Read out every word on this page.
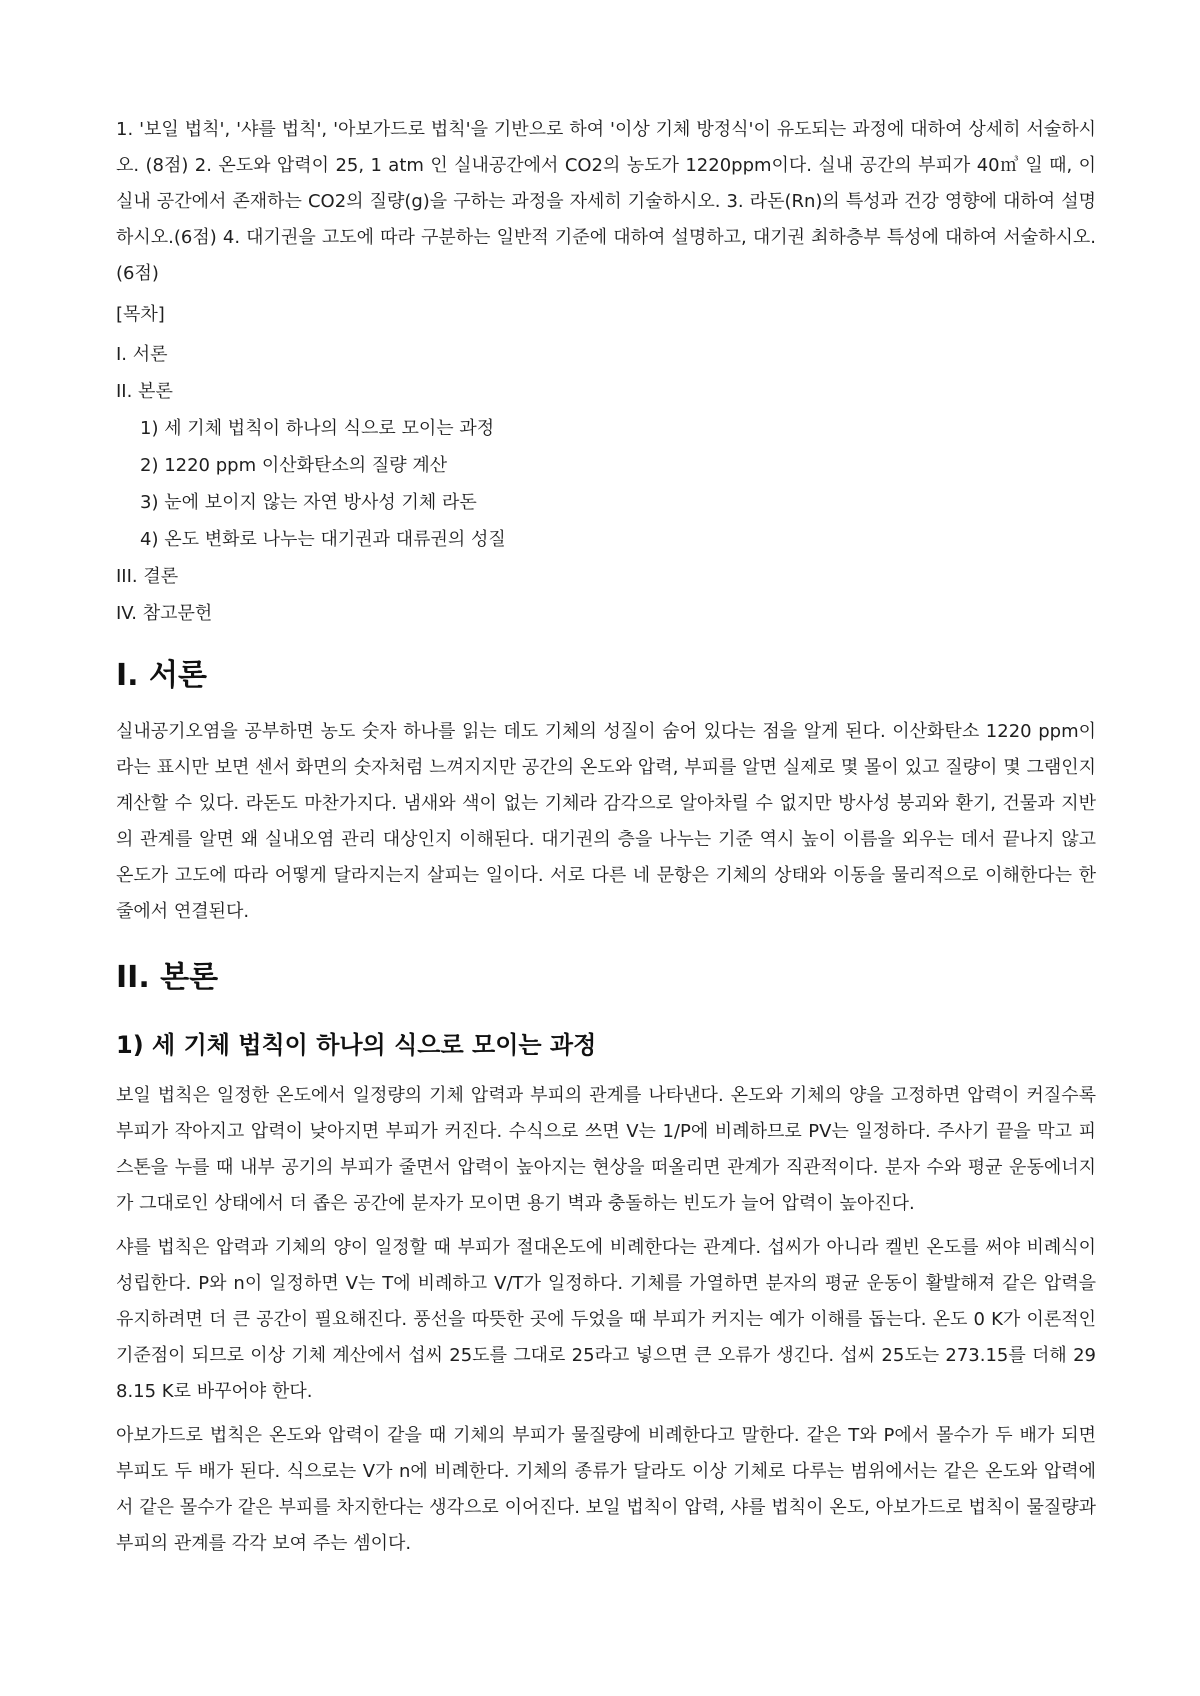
1. '보일 법칙', '샤를 법칙', '아보가드로 법칙'을 기반으로 하여 '이상 기체 방정식'이 유도되는 과정에 대하여 상세히 서술하시오. (8점) 2. 온도와 압력이 25, 1 atm 인 실내공간에서 CO2의 농도가 1220ppm이다. 실내 공간의 부피가 40㎥ 일 때, 이 실내 공간에서 존재하는 CO2의 질량(g)을 구하는 과정을 자세히 기술하시오. 3. 라돈(Rn)의 특성과 건강 영향에 대하여 설명하시오.(6점) 4. 대기권을 고도에 따라 구분하는 일반적 기준에 대하여 설명하고, 대기권 최하층부 특성에 대하여 서술하시오.(6점)

[목차]
I. 서론
II. 본론
1) 세 기체 법칙이 하나의 식으로 모이는 과정
2) 1220 ppm 이산화탄소의 질량 계산
3) 눈에 보이지 않는 자연 방사성 기체 라돈
4) 온도 변화로 나누는 대기권과 대류권의 성질
III. 결론
IV. 참고문헌
I. 서론

실내공기오염을 공부하면 농도 숫자 하나를 읽는 데도 기체의 성질이 숨어 있다는 점을 알게 된다. 이산화탄소 1220 ppm이라는 표시만 보면 센서 화면의 숫자처럼 느껴지지만 공간의 온도와 압력, 부피를 알면 실제로 몇 몰이 있고 질량이 몇 그램인지 계산할 수 있다. 라돈도 마찬가지다. 냄새와 색이 없는 기체라 감각으로 알아차릴 수 없지만 방사성 붕괴와 환기, 건물과 지반의 관계를 알면 왜 실내오염 관리 대상인지 이해된다. 대기권의 층을 나누는 기준 역시 높이 이름을 외우는 데서 끝나지 않고 온도가 고도에 따라 어떻게 달라지는지 살피는 일이다. 서로 다른 네 문항은 기체의 상태와 이동을 물리적으로 이해한다는 한 줄에서 연결된다.

II. 본론
1) 세 기체 법칙이 하나의 식으로 모이는 과정

보일 법칙은 일정한 온도에서 일정량의 기체 압력과 부피의 관계를 나타낸다. 온도와 기체의 양을 고정하면 압력이 커질수록 부피가 작아지고 압력이 낮아지면 부피가 커진다. 수식으로 쓰면 V는 1/P에 비례하므로 PV는 일정하다. 주사기 끝을 막고 피스톤을 누를 때 내부 공기의 부피가 줄면서 압력이 높아지는 현상을 떠올리면 관계가 직관적이다. 분자 수와 평균 운동에너지가 그대로인 상태에서 더 좁은 공간에 분자가 모이면 용기 벽과 충돌하는 빈도가 늘어 압력이 높아진다.

샤를 법칙은 압력과 기체의 양이 일정할 때 부피가 절대온도에 비례한다는 관계다. 섭씨가 아니라 켈빈 온도를 써야 비례식이 성립한다. P와 n이 일정하면 V는 T에 비례하고 V/T가 일정하다. 기체를 가열하면 분자의 평균 운동이 활발해져 같은 압력을 유지하려면 더 큰 공간이 필요해진다. 풍선을 따뜻한 곳에 두었을 때 부피가 커지는 예가 이해를 돕는다. 온도 0 K가 이론적인 기준점이 되므로 이상 기체 계산에서 섭씨 25도를 그대로 25라고 넣으면 큰 오류가 생긴다. 섭씨 25도는 273.15를 더해 298.15 K로 바꾸어야 한다.

아보가드로 법칙은 온도와 압력이 같을 때 기체의 부피가 물질량에 비례한다고 말한다. 같은 T와 P에서 몰수가 두 배가 되면 부피도 두 배가 된다. 식으로는 V가 n에 비례한다. 기체의 종류가 달라도 이상 기체로 다루는 범위에서는 같은 온도와 압력에서 같은 몰수가 같은 부피를 차지한다는 생각으로 이어진다. 보일 법칙이 압력, 샤를 법칙이 온도, 아보가드로 법칙이 물질량과 부피의 관계를 각각 보여 주는 셈이다.
